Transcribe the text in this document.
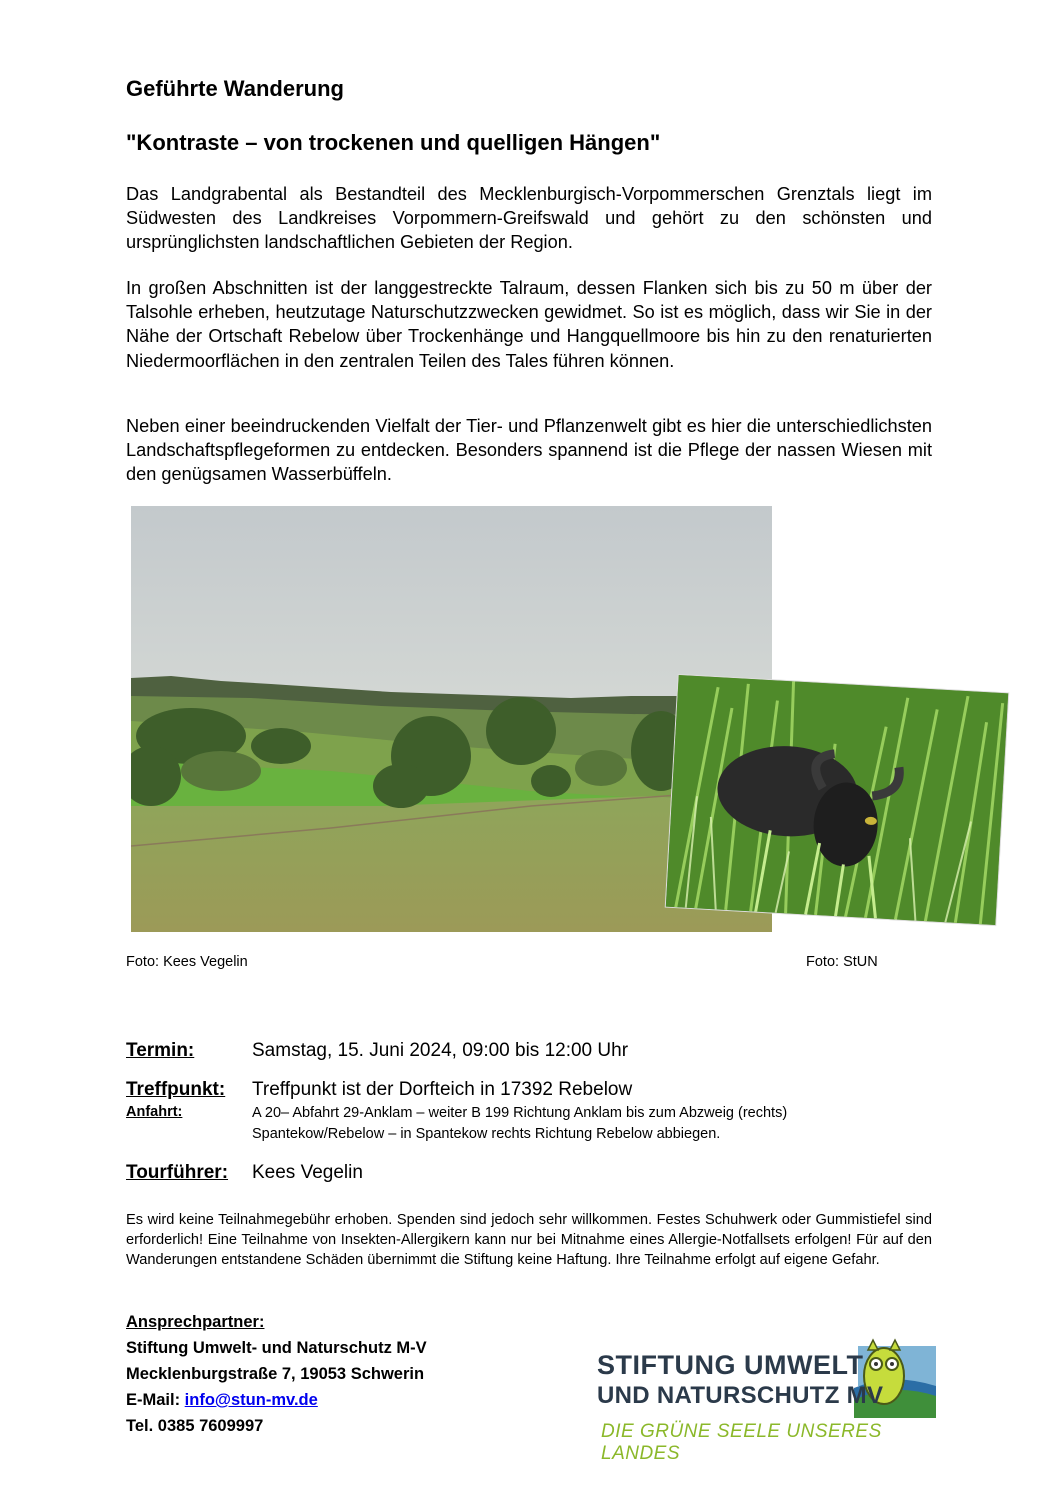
Geführte Wanderung
"Kontraste – von trockenen und quelligen Hängen"
Das Landgrabental als Bestandteil des Mecklenburgisch-Vorpommerschen Grenztals liegt im Südwesten des Landkreises Vorpommern-Greifswald und gehört zu den schönsten und ursprünglichsten landschaftlichen Gebieten der Region.
In großen Abschnitten ist der langgestreckte Talraum, dessen Flanken sich bis zu 50 m über der Talsohle erheben, heutzutage Naturschutzzwecken gewidmet. So ist es möglich, dass wir Sie in der Nähe der Ortschaft Rebelow über Trockenhänge und Hangquellmoore bis hin zu den renaturierten Niedermoorflächen in den zentralen Teilen des Tales führen können.
Neben einer beeindruckenden Vielfalt der Tier- und Pflanzenwelt gibt es hier die unterschiedlichsten Landschaftspflegeformen zu entdecken. Besonders spannend ist die Pflege der nassen Wiesen mit den genügsamen Wasserbüffeln.
Foto: Kees Vegelin	Foto: StUN
Termin:	Samstag, 15. Juni 2024, 09:00 bis 12:00 Uhr
Treffpunkt: Treffpunkt ist der Dorfteich in 17392 Rebelow
Anfahrt:	A 20– Abfahrt 29-Anklam – weiter B 199 Richtung Anklam bis zum Abzweig (rechts)
Spantekow/Rebelow – in Spantekow rechts Richtung Rebelow abbiegen.
Tourführer: Kees Vegelin
Es wird keine Teilnahmegebühr erhoben. Spenden sind jedoch sehr willkommen. Festes Schuhwerk oder Gummistiefel sind erforderlich! Eine Teilnahme von Insekten-Allergikern kann nur bei Mitnahme eines Allergie-Notfallsets erfolgen! Für auf den Wanderungen entstandene Schäden übernimmt die Stiftung keine Haftung. Ihre Teilnahme erfolgt auf eigene Gefahr.
Ansprechpartner:
Stiftung Umwelt- und Naturschutz M-V
Mecklenburgstraße 7, 19053 Schwerin
E-Mail: info@stun-mv.de
Tel. 0385 7609997
STIFTUNG UMWELT
UND NATURSCHUTZ MV
DIE GRÜNE SEELE UNSERES LANDES
